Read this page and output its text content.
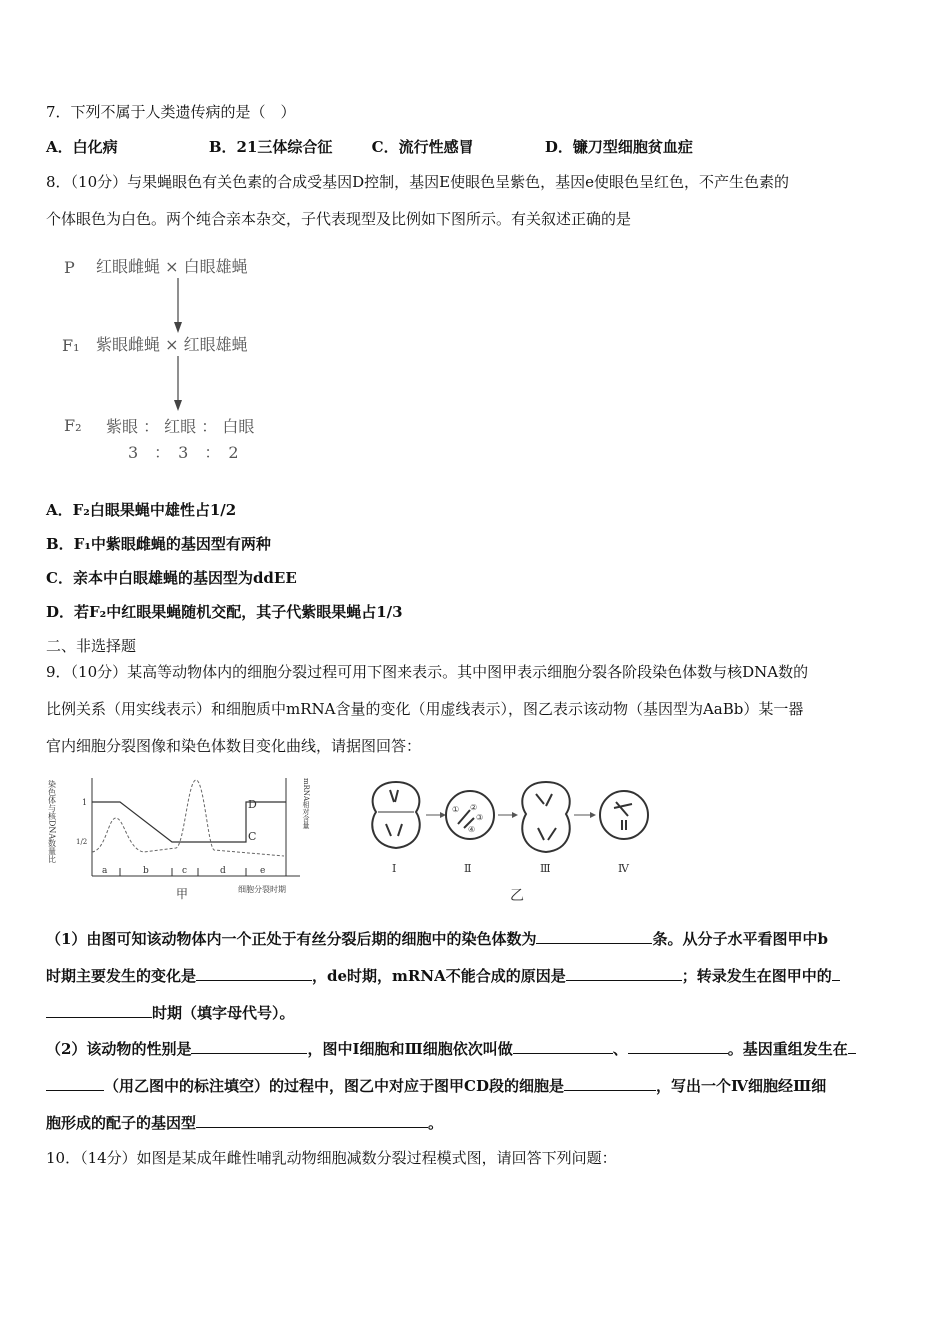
7．下列不属于人类遗传病的是（　）
A．白化病	B．21三体综合征	C．流行性感冒	D．镰刀型细胞贫血症
8．（10分）与果蝇眼色有关色素的合成受基因D控制，基因E使眼色呈紫色，基因e使眼色呈红色，不产生色素的
个体眼色为白色。两个纯合亲本杂交，子代表现型及比例如下图所示。有关叙述正确的是
P 红眼雌蝇 × 白眼雄蝇
F₁ 紫眼雌蝇 × 红眼雄蝇
F₂ 紫眼 ： 红眼 ： 白眼
3　：　3　：　2
A．F₂白眼果蝇中雄性占1/2
B．F₁中紫眼雌蝇的基因型有两种
C．亲本中白眼雄蝇的基因型为ddEE
D．若F₂中红眼果蝇随机交配，其子代紫眼果蝇占1/3
二、非选择题
9．（10分）某高等动物体内的细胞分裂过程可用下图来表示。其中图甲表示细胞分裂各阶段染色体数与核DNA数的
比例关系（用实线表示）和细胞质中mRNA含量的变化（用虚线表示），图乙表示该动物（基因型为AaBb）某一器
官内细胞分裂图像和染色体数目变化曲线，请据图回答：
染色体与核DNA数量比	mRNA相对含量
1
1/2
D
C
a	b	c	d	e
甲	细胞分裂时期
Ⅰ
②
③
①
④
Ⅱ	Ⅲ	Ⅳ
乙
（1）由图可知该动物体内一个正处于有丝分裂后期的细胞中的染色体数为	条。从分子水平看图甲中b
时期主要发生的变化是	，de时期，mRNA不能合成的原因是	；转录发生在图甲中的
时期（填字母代号）。
（2）该动物的性别是	，图中Ⅰ细胞和Ⅲ细胞依次叫做	、	。基因重组发生在
（用乙图中的标注填空）的过程中，图乙中对应于图甲CD段的细胞是	，写出一个Ⅳ细胞经Ⅲ细
胞形成的配子的基因型	。
10．（14分）如图是某成年雌性哺乳动物细胞减数分裂过程模式图，请回答下列问题：
